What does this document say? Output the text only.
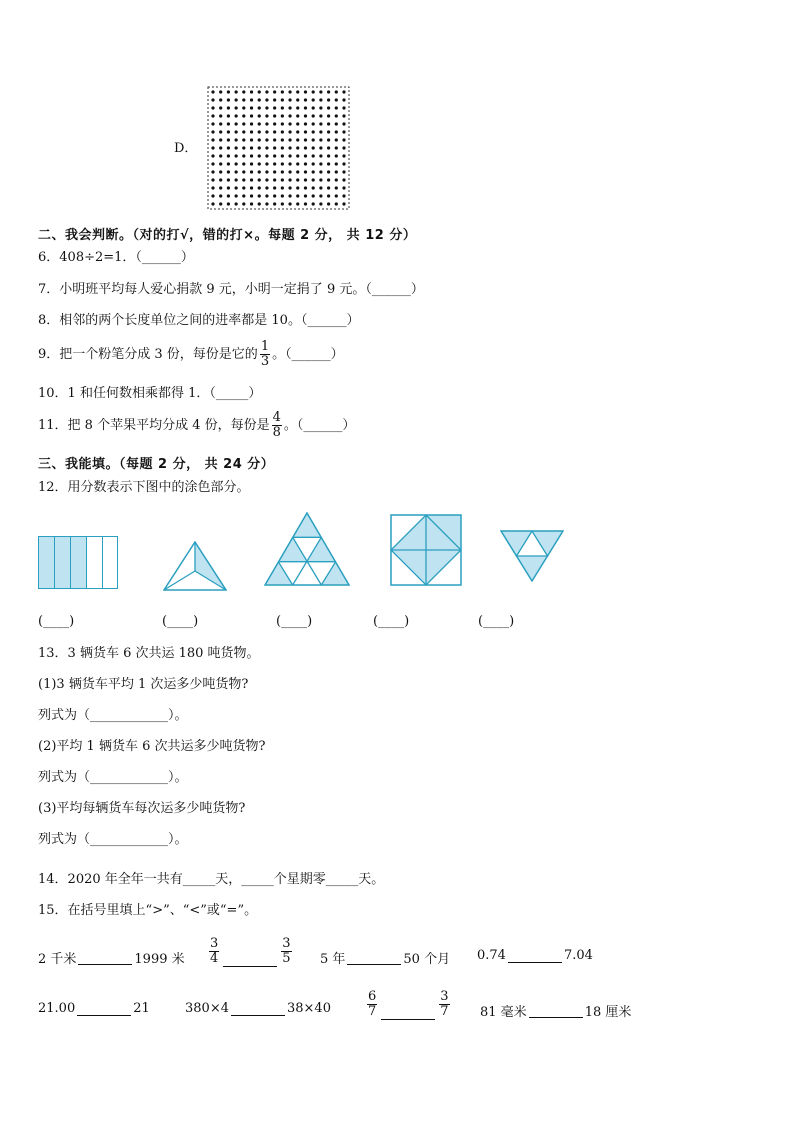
D．
二、我会判断。（对的打√，错的打×。每题 2 分， 共 12 分）
6．408÷2=1．（______）
7．小明班平均每人爱心捐款 9 元，小明一定捐了 9 元。（______）
8．相邻的两个长度单位之间的进率都是 10。（______）
9．把一个粉笔分成 3 份，每份是它的 $\frac{1}{3}$ 。（______）
10．1 和任何数相乘都得 1．（_____）
11．把 8 个苹果平均分成 4 份，每份是 $\frac{4}{8}$ 。（______）
三、我能填。（每题 2 分， 共 24 分）
12．用分数表示下图中的涂色部分。
(____)	(____)	(____)	(____)	(____)
13．3 辆货车 6 次共运 180 吨货物。
(1)3 辆货车平均 1 次运多少吨货物?
列式为（____________）。
(2)平均 1 辆货车 6 次共运多少吨货物?
列式为（____________）。
(3)平均每辆货车每次运多少吨货物?
列式为（____________）。
14．2020 年全年一共有_____天，_____个星期零_____天。
15．在括号里填上“>”、“<”或“=”。
2 千米	1999 米 $\frac{3}{4}$	$\frac{3}{5} 5$ 年	50 个月 0.74	7.04
21.00	21	380×4	38×40	$\frac{6}{7}$	$\frac{3}{7} 81$ 毫米	18 厘米
